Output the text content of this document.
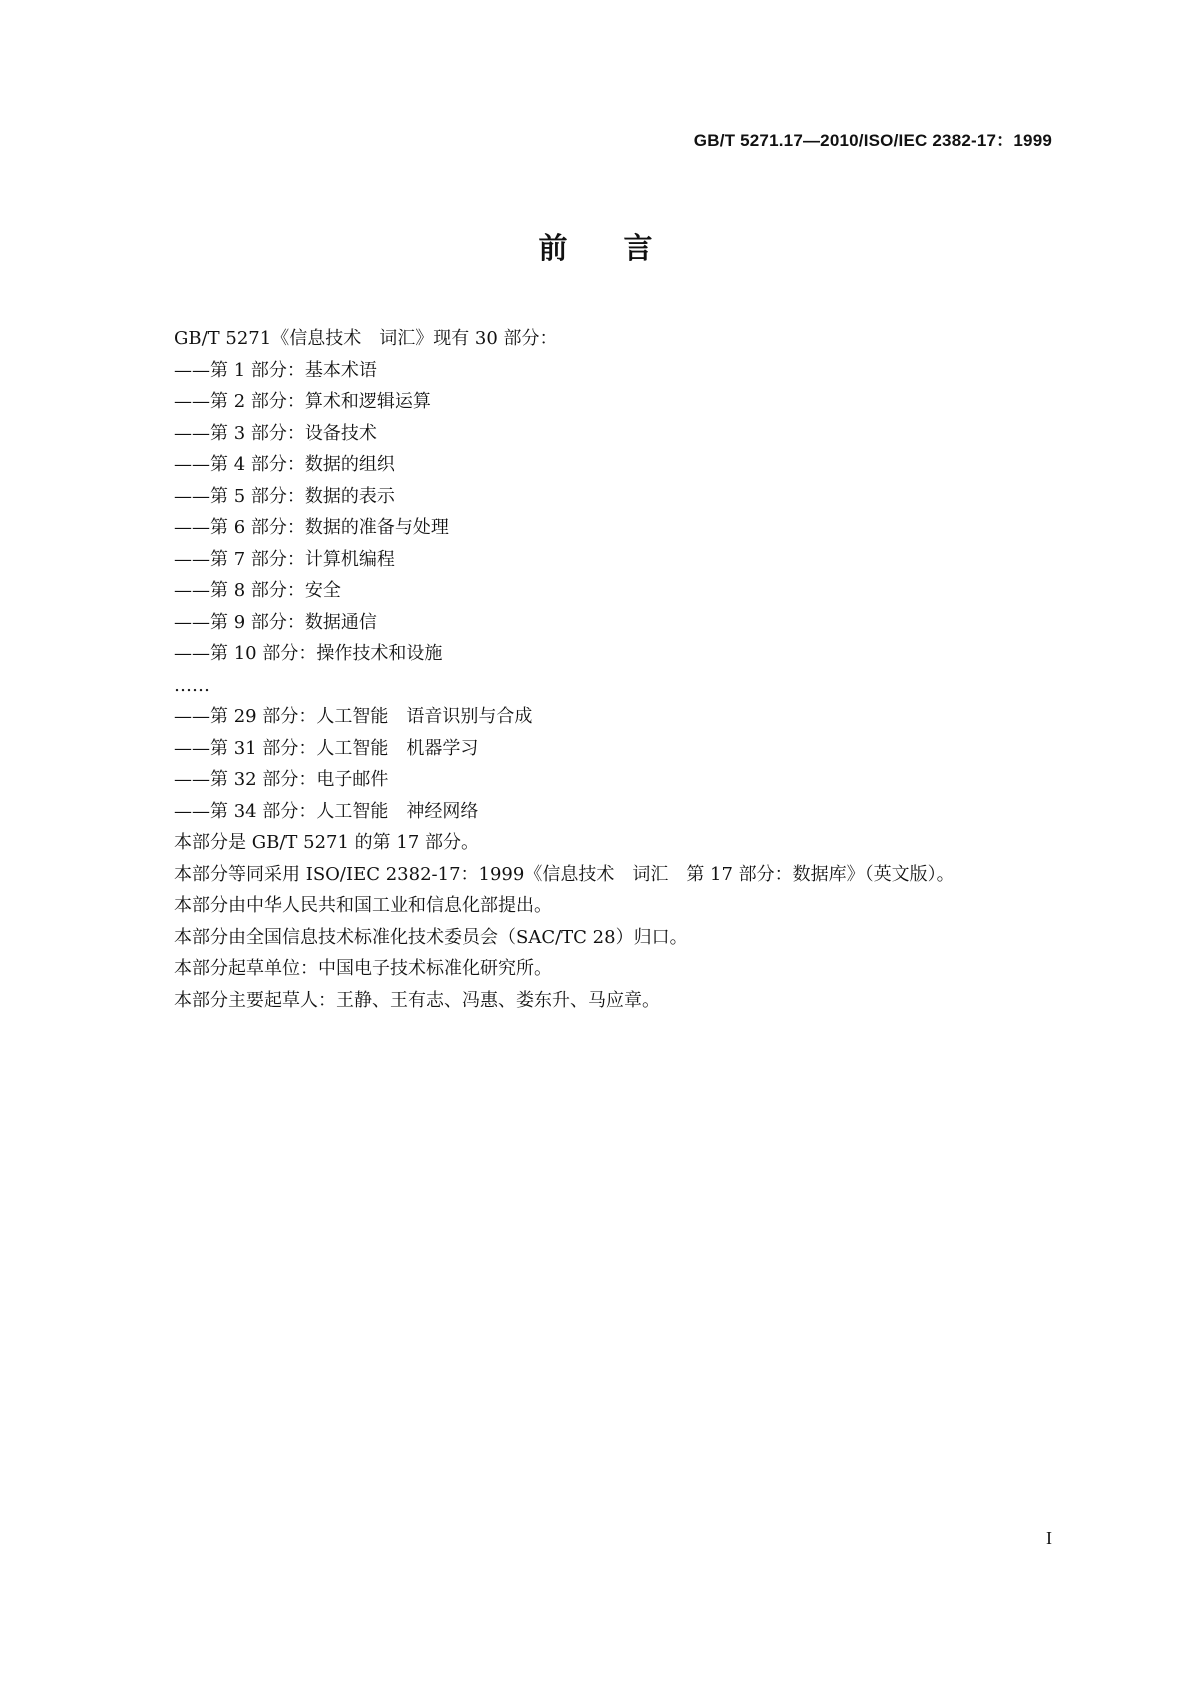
GB/T 5271.17—2010/ISO/IEC 2382-17：1999
前言
GB/T 5271《信息技术　词汇》现有 30 部分：
——第 1 部分：基本术语
——第 2 部分：算术和逻辑运算
——第 3 部分：设备技术
——第 4 部分：数据的组织
——第 5 部分：数据的表示
——第 6 部分：数据的准备与处理
——第 7 部分：计算机编程
——第 8 部分：安全
——第 9 部分：数据通信
——第 10 部分：操作技术和设施
……
——第 29 部分：人工智能　语音识别与合成
——第 31 部分：人工智能　机器学习
——第 32 部分：电子邮件
——第 34 部分：人工智能　神经网络
本部分是 GB/T 5271 的第 17 部分。
本部分等同采用 ISO/IEC 2382-17：1999《信息技术　词汇　第 17 部分：数据库》（英文版）。
本部分由中华人民共和国工业和信息化部提出。
本部分由全国信息技术标准化技术委员会（SAC/TC 28）归口。
本部分起草单位：中国电子技术标准化研究所。
本部分主要起草人：王静、王有志、冯惠、娄东升、马应章。
I
